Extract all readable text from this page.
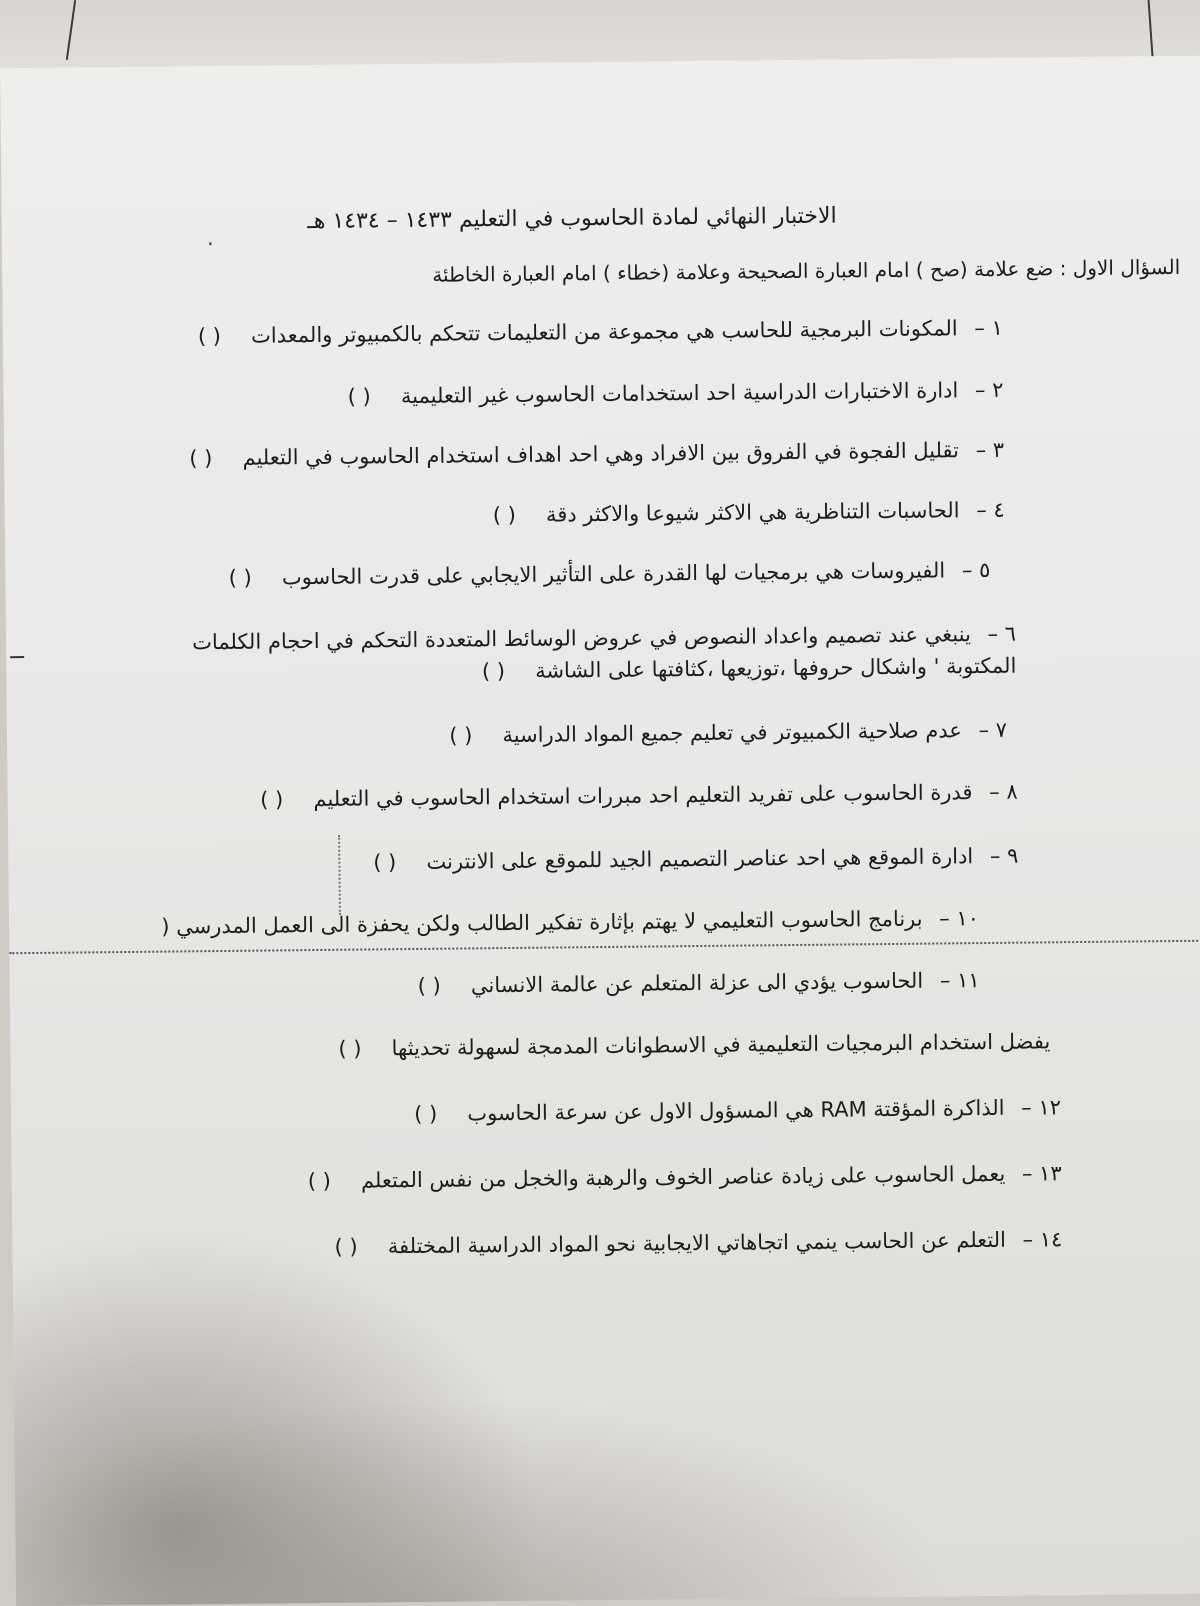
الاختبار النهائي لمادة الحاسوب في التعليم ١٤٣٣ – ١٤٣٤ هـ
.
السؤال الاول : ضع علامة (صح ) امام العبارة الصحيحة وعلامة (خطاء ) امام العبارة الخاطئة
١ – المكونات البرمجية للحاسب هي مجموعة من التعليمات تتحكم بالكمبيوتر والمعدات ( )
٢ – ادارة الاختبارات الدراسية احد استخدامات الحاسوب غير التعليمية ( )
٣ – تقليل الفجوة في الفروق بين الافراد وهي احد اهداف استخدام الحاسوب في التعليم ( )
٤ – الحاسبات التناظرية هي الاكثر شيوعا والاكثر دقة ( )
٥ – الفيروسات هي برمجيات لها القدرة على التأثير الايجابي على قدرت الحاسوب ( )
٦ – ينبغي عند تصميم واعداد النصوص في عروض الوسائط المتعددة التحكم في احجام الكلمات المكتوبة ' واشكال حروفها ،توزيعها ،كثافتها على الشاشة ( )
٧ – عدم صلاحية الكمبيوتر في تعليم جميع المواد الدراسية ( )
٨ – قدرة الحاسوب على تفريد التعليم احد مبررات استخدام الحاسوب في التعليم ( )
٩ – ادارة الموقع هي احد عناصر التصميم الجيد للموقع على الانترنت ( )
١٠ – برنامج الحاسوب التعليمي لا يهتم بإثارة تفكير الطالب ولكن يحفزة الى العمل المدرسي (
١١ – الحاسوب يؤدي الى عزلة المتعلم عن عالمة الانساني ( )
يفضل استخدام البرمجيات التعليمية في الاسطوانات المدمجة لسهولة تحديثها ( )
١٢ – الذاكرة المؤقتة RAM هي المسؤول الاول عن سرعة الحاسوب ( )
١٣ – يعمل الحاسوب على زيادة عناصر الخوف والرهبة والخجل من نفس المتعلم ( )
١٤ – التعلم عن الحاسب ينمي اتجاهاتي الايجابية نحو المواد الدراسية المختلفة ( )
